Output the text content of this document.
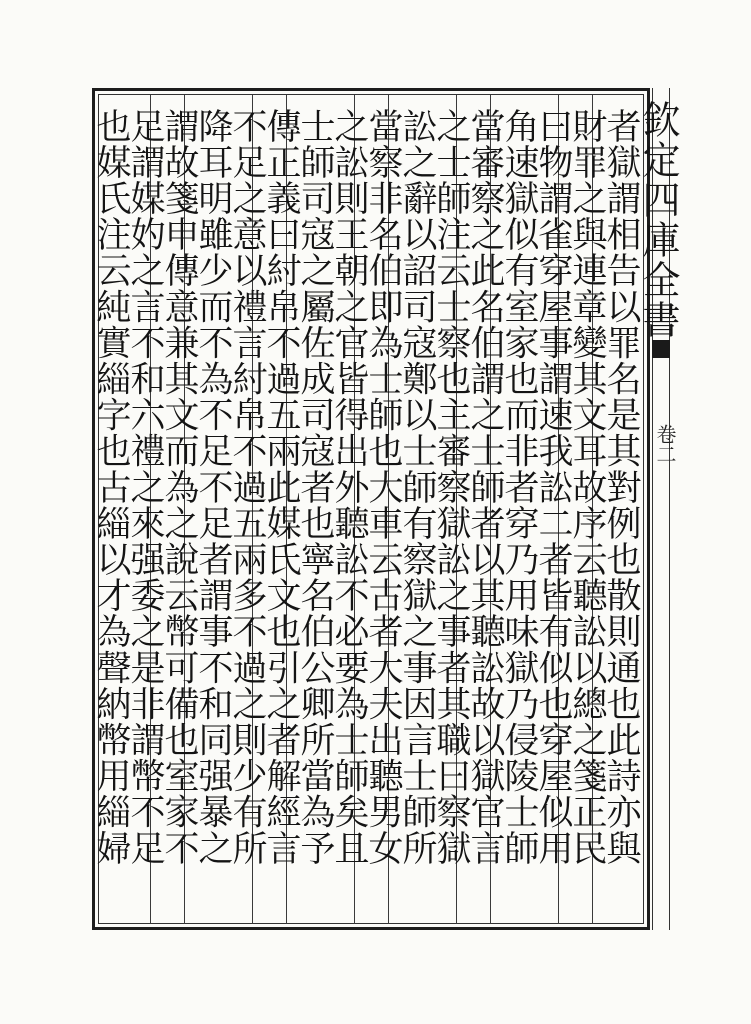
欽定四庫全書
卷二
者獄謂相告以罪名是其對例也散則通也此詩亦與
財罪之與連章變其文耳故序云聽訟以總之箋正民
曰物謂雀穿屋事謂速我訟二者皆有似也穿屋似用
角速獄似有室家也而非者穿乃用味獄乃侵陵士師
當審察之此名伯謂之士師者以其聽訟故以獄官言
之士師注云士察也主審察獄訟之事者其職曰察獄
訟之辭以詔司寇鄭以士師有察獄之事因言士師所
當察非名伯即為士師也大車云古者大夫出聽男女
之訟則王朝之官皆得出外聽訟不必要為士師矣且
士師司寇之屬佐成司寇者也寧名伯公卿所當為予
傳正義曰紂帛不過五兩此媒氏文也引之者解經言
不足之意以禮言紂帛不過五兩多不過之則少有所
降耳明雖少而不為不足不足者謂事不和同强暴之
謂故箋申傳意兼其文而為之說云幣可備也室家不
足謂媒妁之言不和六禮之來强委之是非謂幣不足
也媒氏注云純實緇字也古緇以才為聲納幣用緇婦
